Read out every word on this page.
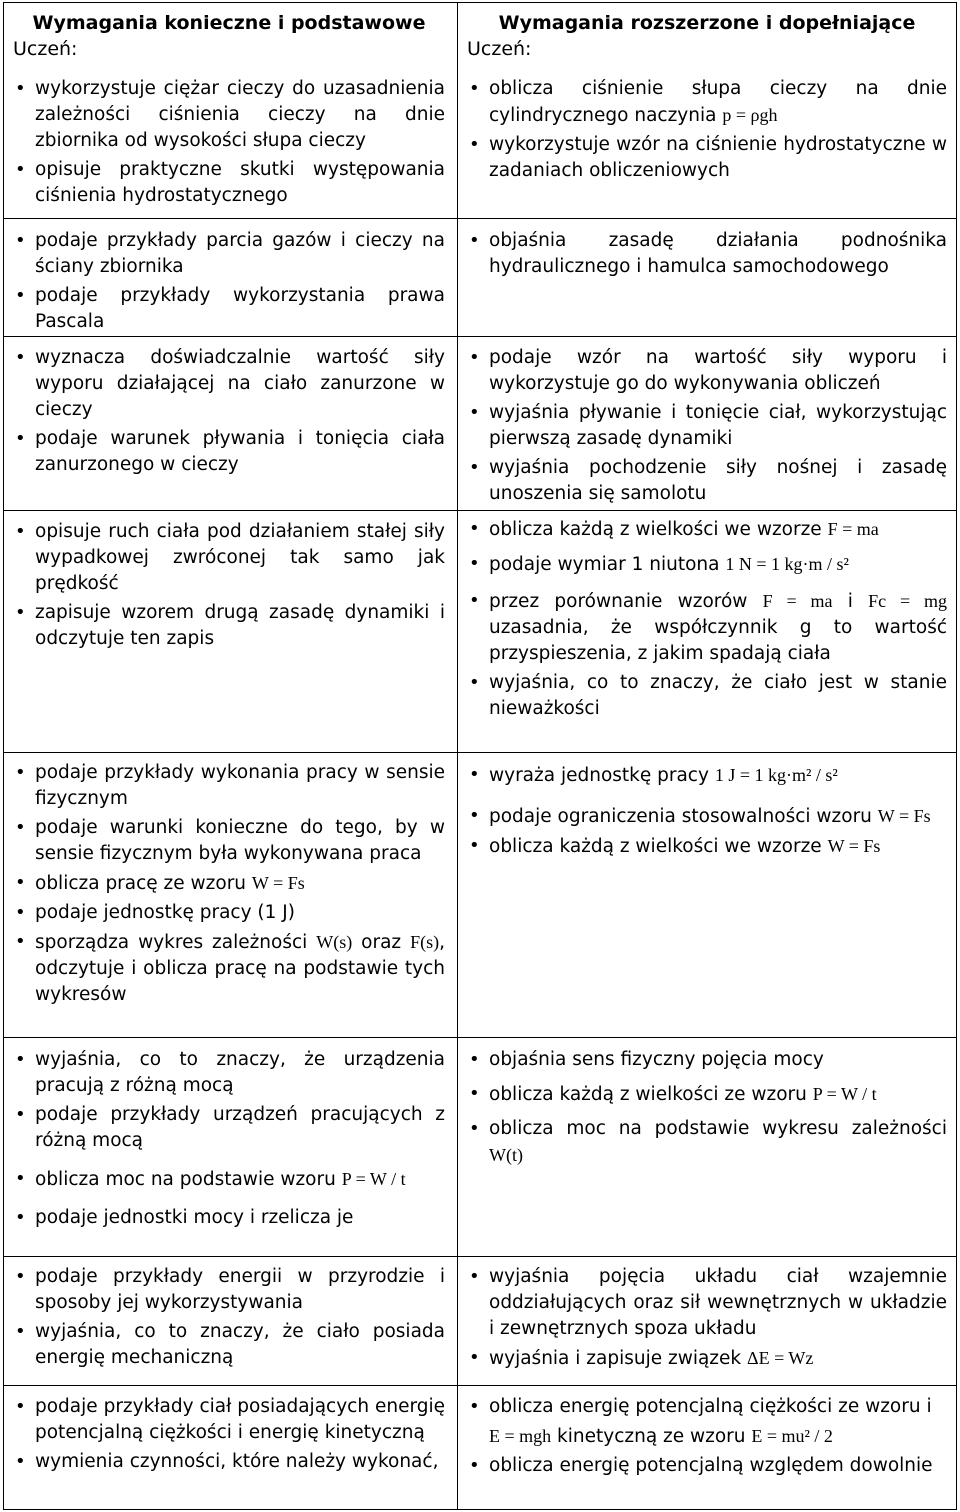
Wymagania konieczne i podstawowe
Uczeń:
Wymagania rozszerzone i dopełniające
Uczeń:
• wykorzystuje ciężar cieczy do uzasadnienia zależności ciśnienia cieczy na dnie zbiornika od wysokości słupa cieczy
• opisuje praktyczne skutki występowania ciśnienia hydrostatycznego
• oblicza ciśnienie słupa cieczy na dnie cylindrycznego naczynia p = ρgh
• wykorzystuje wzór na ciśnienie hydrostatyczne w zadaniach obliczeniowych
• podaje przykłady parcia gazów i cieczy na ściany zbiornika
• podaje przykłady wykorzystania prawa Pascala
• objaśnia zasadę działania podnośnika hydraulicznego i hamulca samochodowego
• wyznacza doświadczalnie wartość siły wyporu działającej na ciało zanurzone w cieczy
• podaje warunek pływania i tonięcia ciała zanurzonego w cieczy
• podaje wzór na wartość siły wyporu i wykorzystuje go do wykonywania obliczeń
• wyjaśnia pływanie i tonięcie ciał, wykorzystując pierwszą zasadę dynamiki
• wyjaśnia pochodzenie siły nośnej i zasadę unoszenia się samolotu
• opisuje ruch ciała pod działaniem stałej siły wypadkowej zwróconej tak samo jak prędkość
• zapisuje wzorem drugą zasadę dynamiki i odczytuje ten zapis
• oblicza każdą z wielkości we wzorze F = ma
• podaje wymiar 1 niutona 1 N = 1 kg·m / s²
• przez porównanie wzorów F = ma i Fc = mg uzasadnia, że współczynnik g to wartość przyspieszenia, z jakim spadają ciała
• wyjaśnia, co to znaczy, że ciało jest w stanie nieważkości
• podaje przykłady wykonania pracy w sensie fizycznym
• podaje warunki konieczne do tego, by w sensie fizycznym była wykonywana praca
• oblicza pracę ze wzoru W = Fs
• podaje jednostkę pracy (1 J)
• sporządza wykres zależności W(s) oraz F(s), odczytuje i oblicza pracę na podstawie tych wykresów
• wyraża jednostkę pracy 1 J = 1 kg·m² / s²
• podaje ograniczenia stosowalności wzoru W = Fs
• oblicza każdą z wielkości we wzorze W = Fs
• wyjaśnia, co to znaczy, że urządzenia pracują z różną mocą
• podaje przykłady urządzeń pracujących z różną mocą
• oblicza moc na podstawie wzoru P = W / t
• podaje jednostki mocy i rzelicza je
• objaśnia sens fizyczny pojęcia mocy
• oblicza każdą z wielkości ze wzoru P = W / t
• oblicza moc na podstawie wykresu zależności W(t)
• podaje przykłady energii w przyrodzie i sposoby jej wykorzystywania
• wyjaśnia, co to znaczy, że ciało posiada energię mechaniczną
• wyjaśnia pojęcia układu ciał wzajemnie oddziałujących oraz sił wewnętrznych w układzie i zewnętrznych spoza układu
• wyjaśnia i zapisuje związek ΔE = Wz
• podaje przykłady ciał posiadających energię potencjalną ciężkości i energię kinetyczną
• wymienia czynności, które należy wykonać,
• oblicza energię potencjalną ciężkości ze wzoru i
E = mgh kinetyczną ze wzoru E = mu² / 2
• oblicza energię potencjalną względem dowolnie
